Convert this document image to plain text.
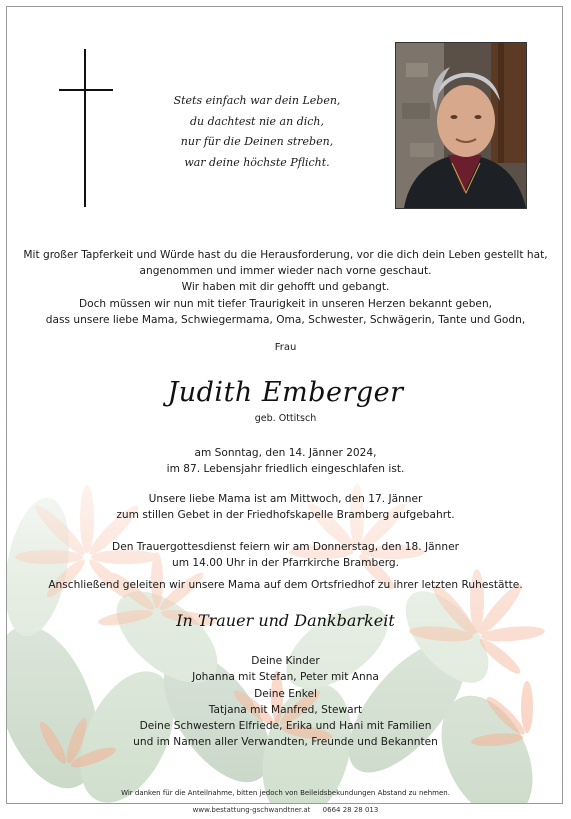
Stets einfach war dein Leben,
du dachtest nie an dich,
nur für die Deinen streben,
war deine höchste Pflicht.
Mit großer Tapferkeit und Würde hast du die Herausforderung, vor die dich dein Leben gestellt hat,
angenommen und immer wieder nach vorne geschaut.
Wir haben mit dir gehofft und gebangt.
Doch müssen wir nun mit tiefer Traurigkeit in unseren Herzen bekannt geben,
dass unsere liebe Mama, Schwiegermama, Oma, Schwester, Schwägerin, Tante und Godn,
Frau
Judith Emberger
geb. Ottitsch
am Sonntag, den 14. Jänner 2024,
im 87. Lebensjahr friedlich eingeschlafen ist.
Unsere liebe Mama ist am Mittwoch, den 17. Jänner
zum stillen Gebet in der Friedhofskapelle Bramberg aufgebahrt.
Den Trauergottesdienst feiern wir am Donnerstag, den 18. Jänner
um 14.00 Uhr in der Pfarrkirche Bramberg.
Anschließend geleiten wir unsere Mama auf dem Ortsfriedhof zu ihrer letzten Ruhestätte.
In Trauer und Dankbarkeit
Deine Kinder
Johanna mit Stefan, Peter mit Anna
Deine Enkel
Tatjana mit Manfred, Stewart
Deine Schwestern Elfriede, Erika und Hani mit Familien
und im Namen aller Verwandten, Freunde und Bekannten
Wir danken für die Anteilnahme, bitten jedoch von Beileidsbekundungen Abstand zu nehmen.
www.bestattung-gschwandtner.at 0664 28 28 013
